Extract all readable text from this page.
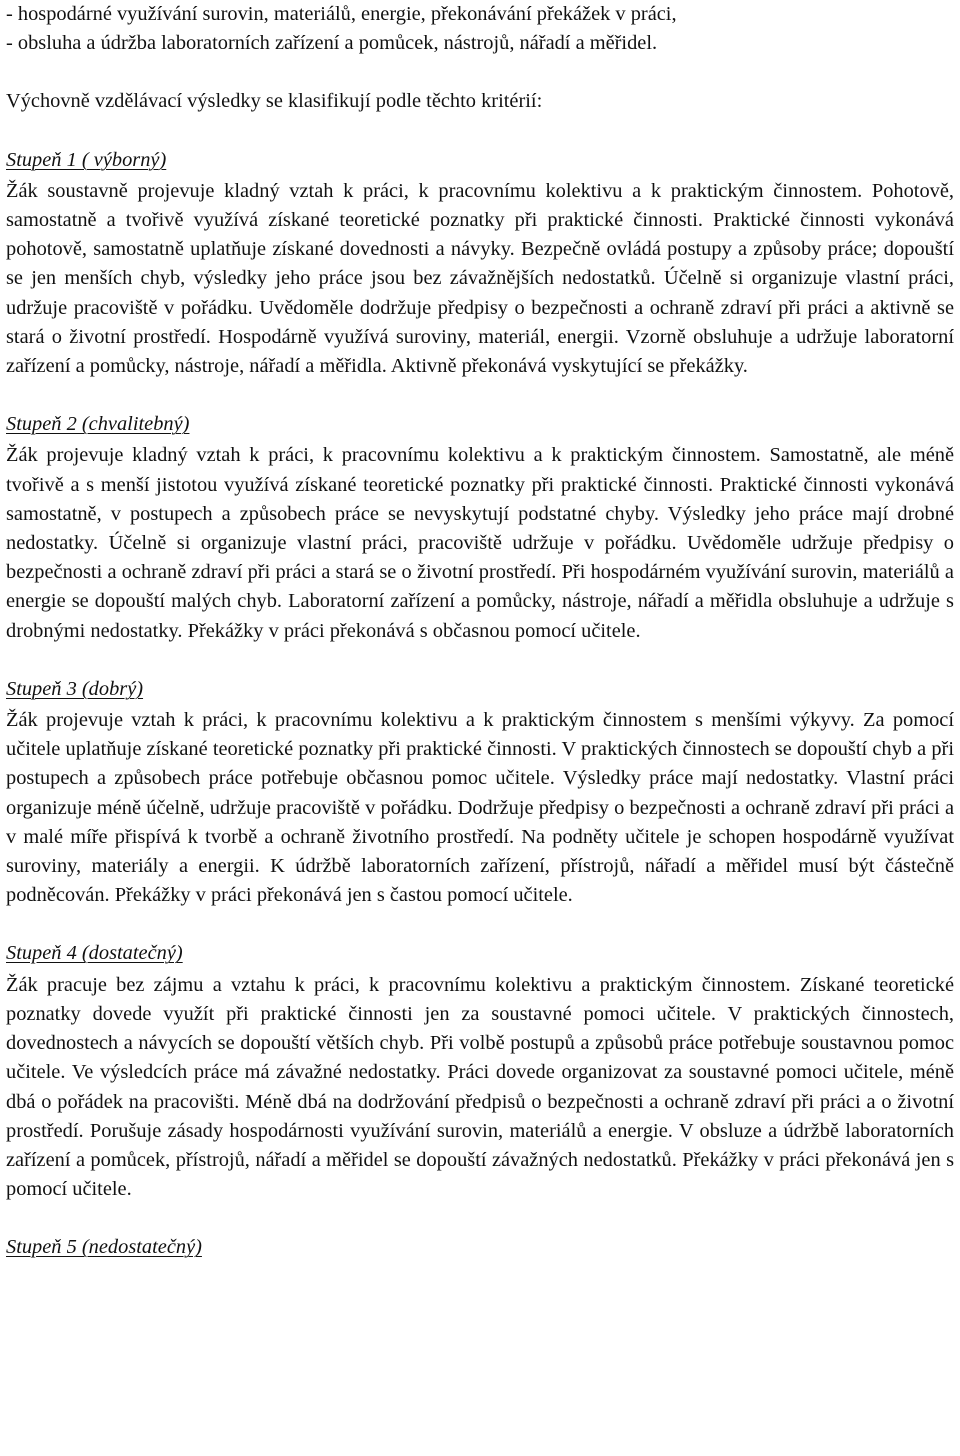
- hospodárné využívání surovin, materiálů, energie, překonávání překážek v práci,
- obsluha a údržba laboratorních zařízení a pomůcek, nástrojů, nářadí a měřidel.
Výchovně vzdělávací výsledky se klasifikují podle těchto kritérií:
Stupeň 1 ( výborný)
Žák soustavně projevuje kladný vztah k práci, k pracovnímu kolektivu a k praktickým činnostem. Pohotově, samostatně a tvořivě využívá získané teoretické poznatky při praktické činnosti. Praktické činnosti vykonává pohotově, samostatně uplatňuje získané dovednosti a návyky. Bezpečně ovládá postupy a způsoby práce; dopouští se jen menších chyb, výsledky jeho práce jsou bez závažnějších nedostatků. Účelně si organizuje vlastní práci, udržuje pracoviště v pořádku. Uvědoměle dodržuje předpisy o bezpečnosti a ochraně zdraví při práci a aktivně se stará o životní prostředí. Hospodárně využívá suroviny, materiál, energii. Vzorně obsluhuje a udržuje laboratorní zařízení a pomůcky, nástroje, nářadí a měřidla. Aktivně překonává vyskytující se překážky.
Stupeň 2 (chvalitebný)
Žák projevuje kladný vztah k práci, k pracovnímu kolektivu a k praktickým činnostem. Samostatně, ale méně tvořivě a s menší jistotou využívá získané teoretické poznatky při praktické činnosti. Praktické činnosti vykonává samostatně, v postupech a způsobech práce se nevyskytují podstatné chyby. Výsledky jeho práce mají drobné nedostatky. Účelně si organizuje vlastní práci, pracoviště udržuje v pořádku. Uvědoměle udržuje předpisy o bezpečnosti a ochraně zdraví při práci a stará se o životní prostředí. Při hospodárném využívání surovin, materiálů a energie se dopouští malých chyb. Laboratorní zařízení a pomůcky, nástroje, nářadí a měřidla obsluhuje a udržuje s drobnými nedostatky. Překážky v práci překonává s občasnou pomocí učitele.
Stupeň 3 (dobrý)
Žák projevuje vztah k práci, k pracovnímu kolektivu a k praktickým činnostem s menšími výkyvy. Za pomocí učitele uplatňuje získané teoretické poznatky při praktické činnosti. V praktických činnostech se dopouští chyb a při postupech a způsobech práce potřebuje občasnou pomoc učitele. Výsledky práce mají nedostatky. Vlastní práci organizuje méně účelně, udržuje pracoviště v pořádku. Dodržuje předpisy o bezpečnosti a ochraně zdraví při práci a v malé míře přispívá k tvorbě a ochraně životního prostředí. Na podněty učitele je schopen hospodárně využívat suroviny, materiály a energii. K údržbě laboratorních zařízení, přístrojů, nářadí a měřidel musí být částečně podněcován. Překážky v práci překonává jen s častou pomocí učitele.
Stupeň 4 (dostatečný)
Žák pracuje bez zájmu a vztahu k práci, k pracovnímu kolektivu a praktickým činnostem. Získané teoretické poznatky dovede využít při praktické činnosti jen za soustavné pomoci učitele. V praktických činnostech, dovednostech a návycích se dopouští větších chyb. Při volbě postupů a způsobů práce potřebuje soustavnou pomoc učitele. Ve výsledcích práce má závažné nedostatky. Práci dovede organizovat za soustavné pomoci učitele, méně dbá o pořádek na pracovišti. Méně dbá na dodržování předpisů o bezpečnosti a ochraně zdraví při práci a o životní prostředí. Porušuje zásady hospodárnosti využívání surovin, materiálů a energie. V obsluze a údržbě laboratorních zařízení a pomůcek, přístrojů, nářadí a měřidel se dopouští závažných nedostatků. Překážky v práci překonává jen s pomocí učitele.
Stupeň 5 (nedostatečný)
